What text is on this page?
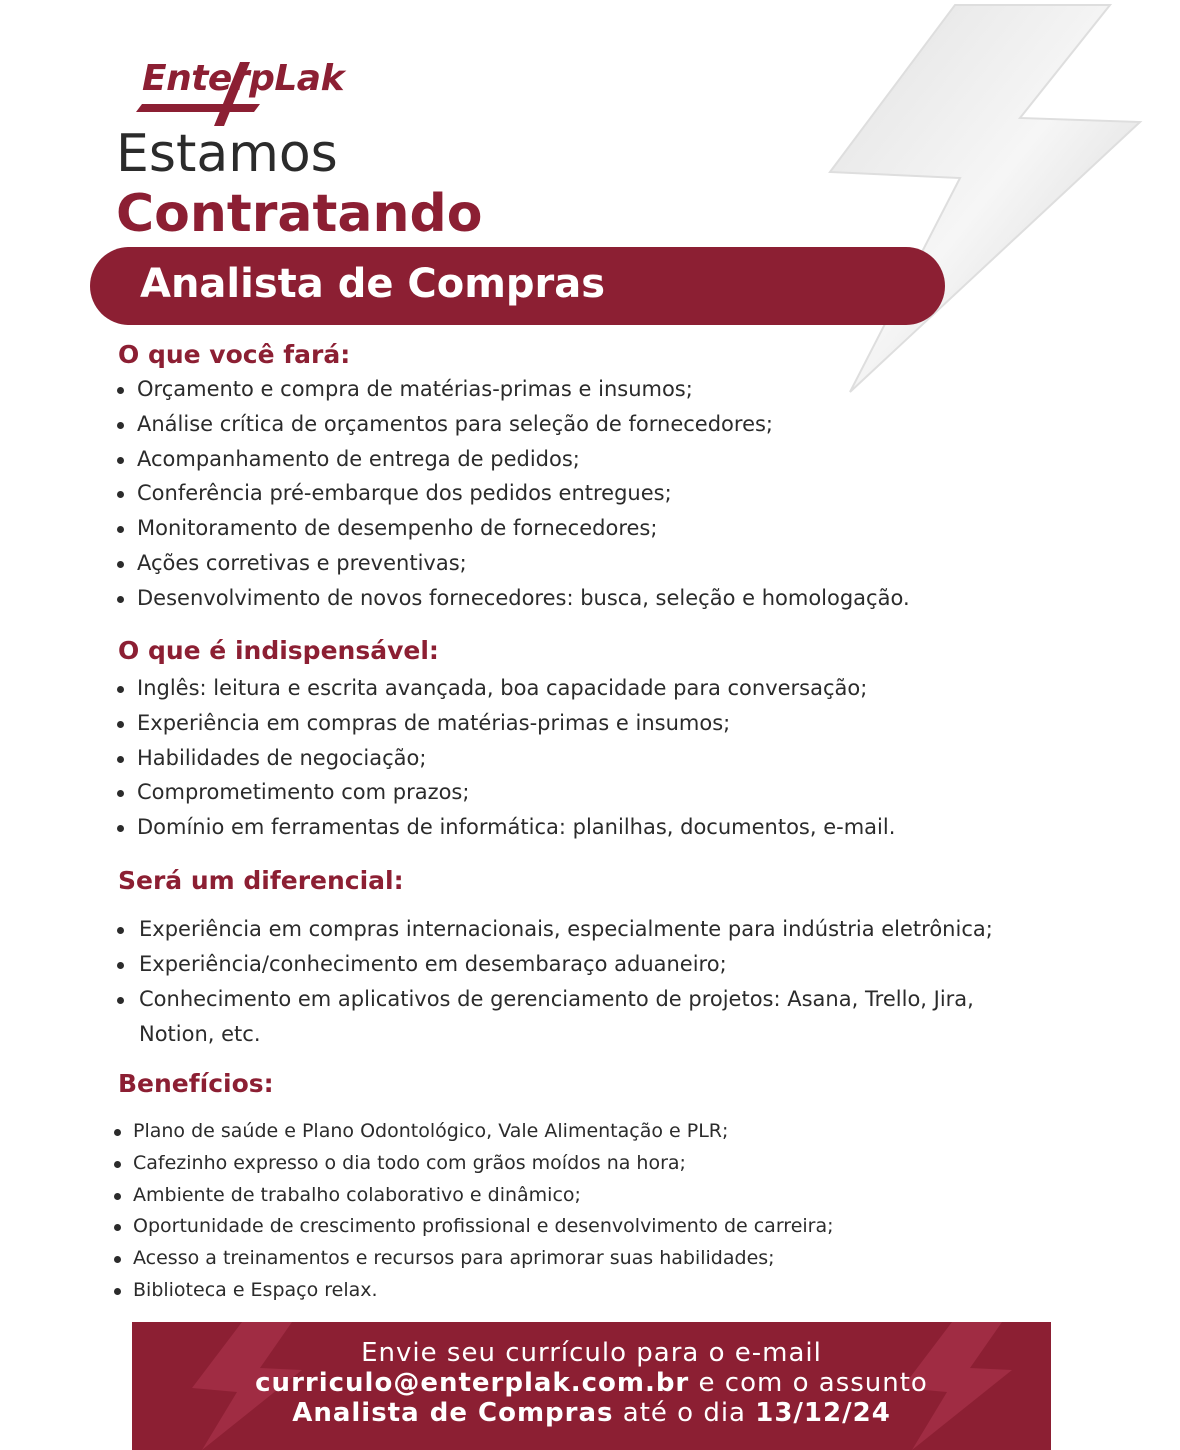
EnterpLak
Estamos
Contratando
Analista de Compras
O que você fará:
Orçamento e compra de matérias-primas e insumos;
Análise crítica de orçamentos para seleção de fornecedores;
Acompanhamento de entrega de pedidos;
Conferência pré-embarque dos pedidos entregues;
Monitoramento de desempenho de fornecedores;
Ações corretivas e preventivas;
Desenvolvimento de novos fornecedores: busca, seleção e homologação.
O que é indispensável:
Inglês: leitura e escrita avançada, boa capacidade para conversação;
Experiência em compras de matérias-primas e insumos;
Habilidades de negociação;
Comprometimento com prazos;
Domínio em ferramentas de informática: planilhas, documentos, e-mail.
Será um diferencial:
Experiência em compras internacionais, especialmente para indústria eletrônica;
Experiência/conhecimento em desembaraço aduaneiro;
Conhecimento em aplicativos de gerenciamento de projetos: Asana, Trello, Jira,
Notion, etc.
Benefícios:
Plano de saúde e Plano Odontológico, Vale Alimentação e PLR;
Cafezinho expresso o dia todo com grãos moídos na hora;
Ambiente de trabalho colaborativo e dinâmico;
Oportunidade de crescimento profissional e desenvolvimento de carreira;
Acesso a treinamentos e recursos para aprimorar suas habilidades;
Biblioteca e Espaço relax.
Envie seu currículo para o e-mail
curriculo@enterplak.com.br e com o assunto
Analista de Compras até o dia 13/12/24
